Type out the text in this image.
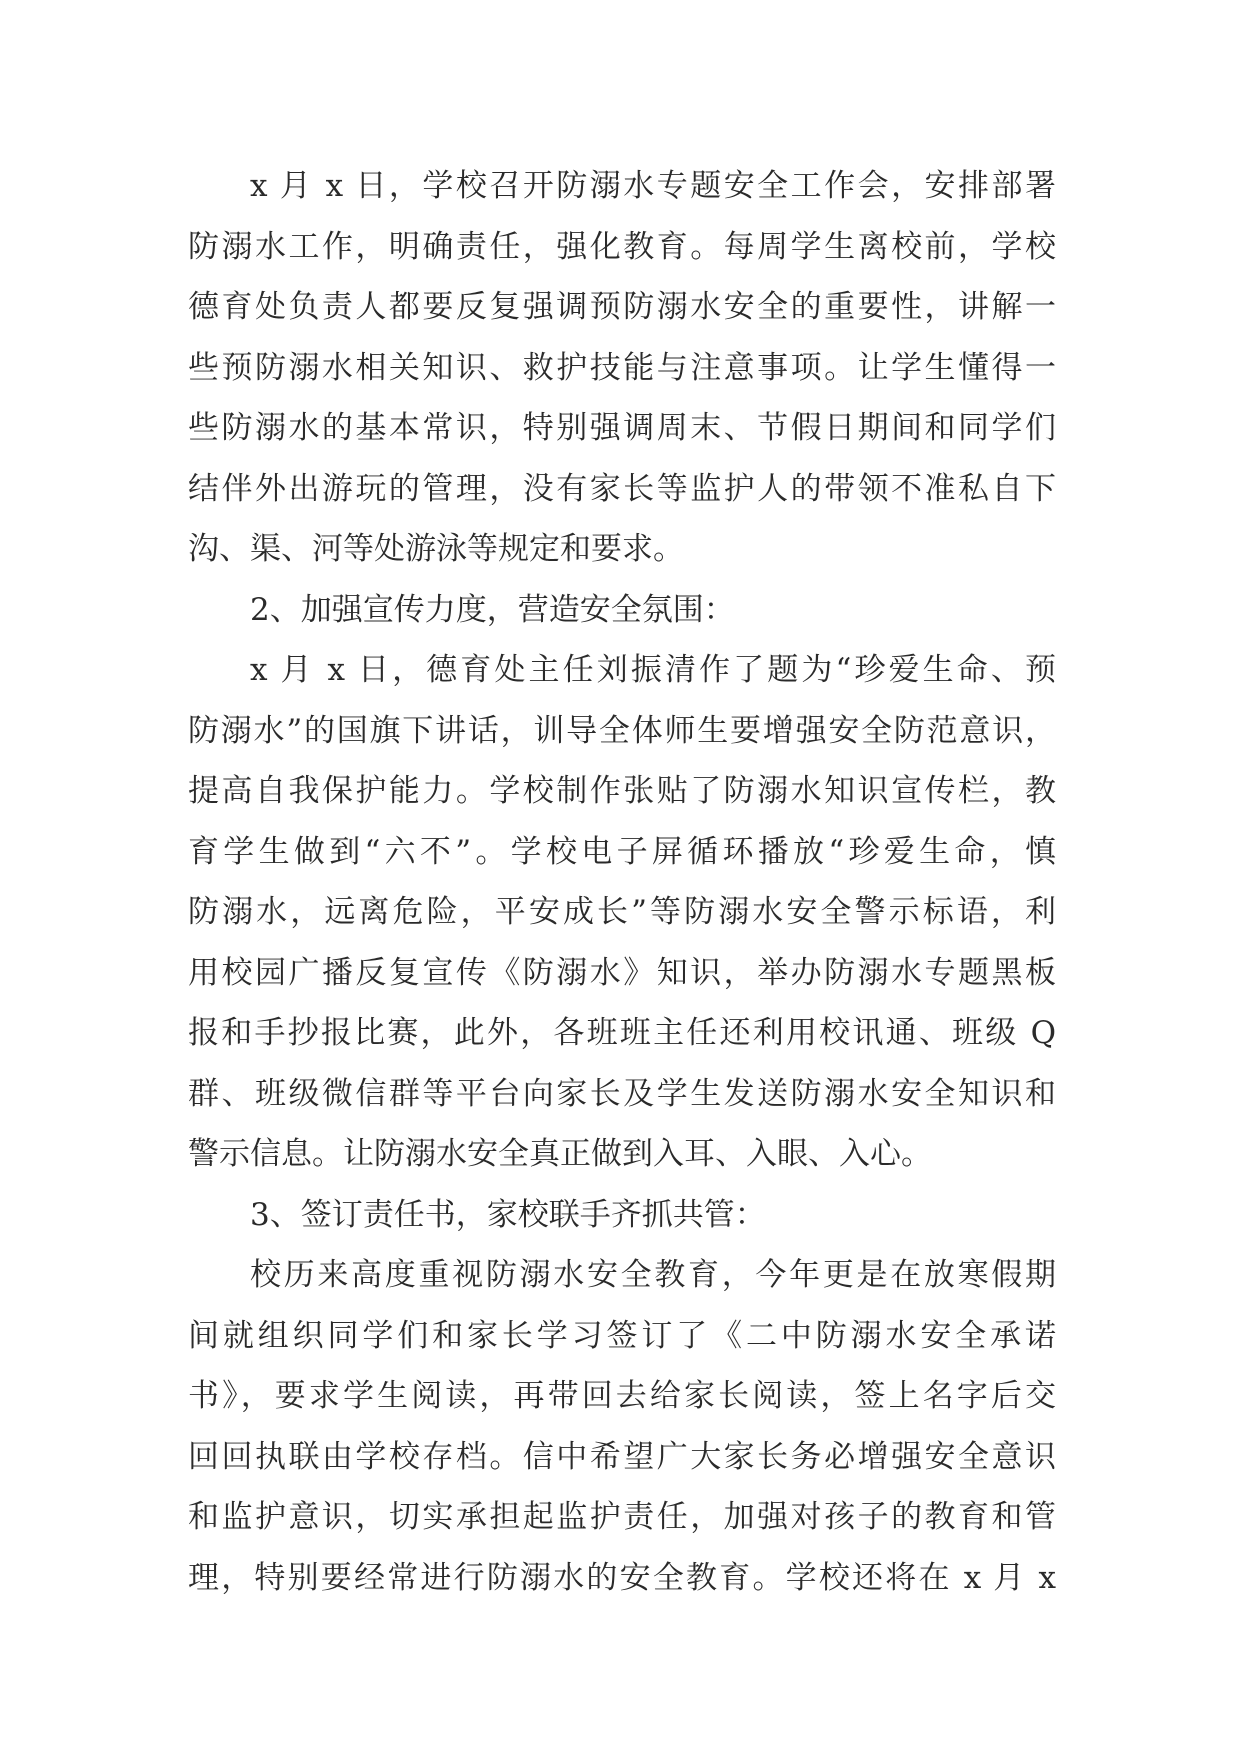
x 月 x 日，学校召开防溺水专题安全工作会，安排部署
防溺水工作，明确责任，强化教育。每周学生离校前，学校
德育处负责人都要反复强调预防溺水安全的重要性，讲解一
些预防溺水相关知识、救护技能与注意事项。让学生懂得一
些防溺水的基本常识，特别强调周末、节假日期间和同学们
结伴外出游玩的管理，没有家长等监护人的带领不准私自下
沟、渠、河等处游泳等规定和要求。
2、加强宣传力度，营造安全氛围：
x 月 x 日，德育处主任刘振清作了题为“珍爱生命、预
防溺水”的国旗下讲话，训导全体师生要增强安全防范意识，
提高自我保护能力。学校制作张贴了防溺水知识宣传栏，教
育学生做到“六不”。学校电子屏循环播放“珍爱生命，慎
防溺水，远离危险，平安成长”等防溺水安全警示标语，利
用校园广播反复宣传《防溺水》知识，举办防溺水专题黑板
报和手抄报比赛，此外，各班班主任还利用校讯通、班级 Q
群、班级微信群等平台向家长及学生发送防溺水安全知识和
警示信息。让防溺水安全真正做到入耳、入眼、入心。
3、签订责任书，家校联手齐抓共管：
校历来高度重视防溺水安全教育，今年更是在放寒假期
间就组织同学们和家长学习签订了《二中防溺水安全承诺
书》，要求学生阅读，再带回去给家长阅读，签上名字后交
回回执联由学校存档。信中希望广大家长务必增强安全意识
和监护意识，切实承担起监护责任，加强对孩子的教育和管
理，特别要经常进行防溺水的安全教育。学校还将在 x 月 x
